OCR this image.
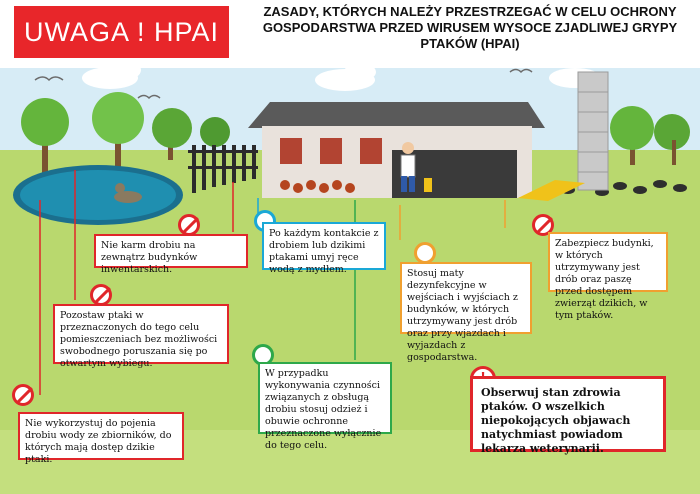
UWAGA ! HPAI
ZASADY, KTÓRYCH NALEŻY PRZESTRZEGAĆ W CELU OCHRONY GOSPODARSTWA PRZED WIRUSEM WYSOCE ZJADLIWEJ GRYPY PTAKÓW (HPAI)
Nie karm drobiu na zewnątrz budynków inwentarskich.
Po każdym kontakcie z drobiem lub dzikimi ptakami umyj ręce wodą z mydłem.	Stosuj maty dezynfekcyjne w wejściach i wyjściach z budynków, w których utrzymywany jest drób oraz przy wjazdach i wyjazdach z gospodarstwa.
Zabezpiecz budynki, w których utrzymywany jest drób oraz paszę przed dostępem zwierząt dzikich, w tym ptaków.
Pozostaw ptaki w przeznaczonych do tego celu pomieszczeniach bez możliwości swobodnego poruszania się po otwartym wybiegu.
W przypadku wykonywania czynności związanych z obsługą drobiu stosuj odzież i obuwie ochronne przeznaczone wyłącznie do tego celu.
Nie wykorzystuj do pojenia drobiu wody ze zbiorników, do których mają dostęp dzikie ptaki.
Obserwuj stan zdrowia ptaków. O wszelkich niepokojących objawach natychmiast powiadom lekarza weterynarii.
